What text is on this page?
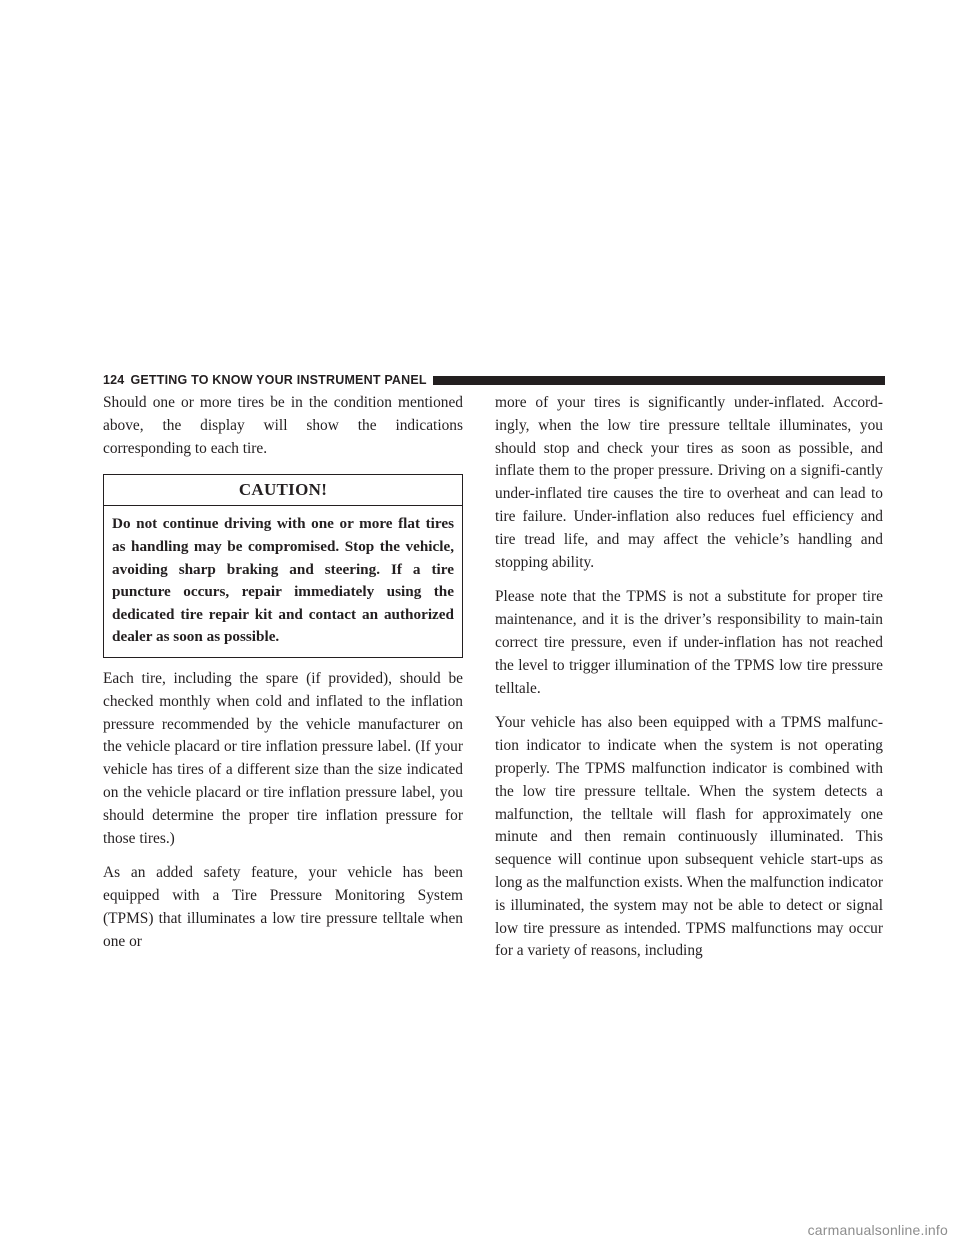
124 GETTING TO KNOW YOUR INSTRUMENT PANEL

Should one or more tires be in the condition mentioned above, the display will show the indications corresponding to each tire.

CAUTION!
Do not continue driving with one or more flat tires as handling may be compromised. Stop the vehicle, avoiding sharp braking and steering. If a tire puncture occurs, repair immediately using the dedicated tire repair kit and contact an authorized dealer as soon as possible.

Each tire, including the spare (if provided), should be checked monthly when cold and inflated to the inflation pressure recommended by the vehicle manufacturer on the vehicle placard or tire inflation pressure label. (If your vehicle has tires of a different size than the size indicated on the vehicle placard or tire inflation pressure label, you should determine the proper tire inflation pressure for those tires.)

As an added safety feature, your vehicle has been equipped with a Tire Pressure Monitoring System (TPMS) that illuminates a low tire pressure telltale when one or

more of your tires is significantly under-inflated. Accord-ingly, when the low tire pressure telltale illuminates, you should stop and check your tires as soon as possible, and inflate them to the proper pressure. Driving on a signifi-cantly under-inflated tire causes the tire to overheat and can lead to tire failure. Under-inflation also reduces fuel efficiency and tire tread life, and may affect the vehicle’s handling and stopping ability.

Please note that the TPMS is not a substitute for proper tire maintenance, and it is the driver’s responsibility to main-tain correct tire pressure, even if under-inflation has not reached the level to trigger illumination of the TPMS low tire pressure telltale.

Your vehicle has also been equipped with a TPMS malfunc-tion indicator to indicate when the system is not operating properly. The TPMS malfunction indicator is combined with the low tire pressure telltale. When the system detects a malfunction, the telltale will flash for approximately one minute and then remain continuously illuminated. This sequence will continue upon subsequent vehicle start-ups as long as the malfunction exists. When the malfunction indicator is illuminated, the system may not be able to detect or signal low tire pressure as intended. TPMS malfunctions may occur for a variety of reasons, including

carmanualsonline.info
